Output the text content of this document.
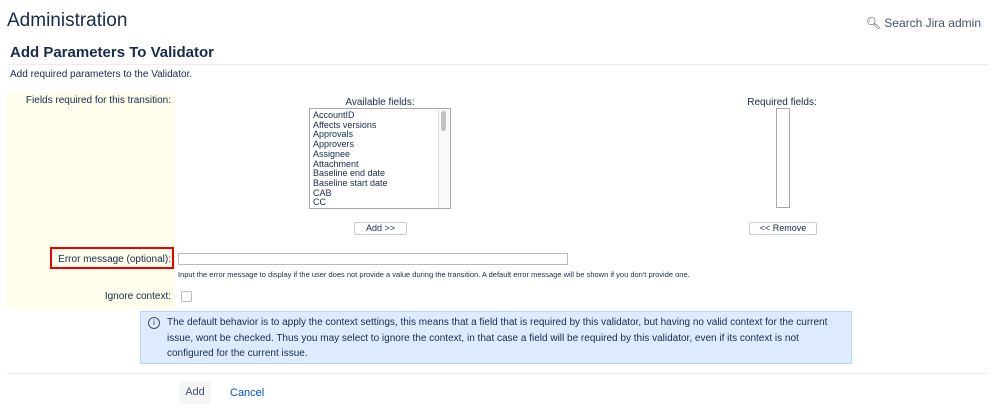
Administration	🔍︎ Search Jira admin
Add Parameters To Validator
Add required parameters to the Validator.
Fields required for this transition:	Available fields:
AccountID
Affects versions
Approvals
Approvers
Assignee
Attachment
Baseline end date
Baseline start date
CAB
CC
Required fields:
Add >>	<< Remove
Error message (optional):
Input the error message to display if the user does not provide a value during the transition. A default error message will be shown if you don't provide one.
Ignore context:
i	The default behavior is to apply the context settings, this means that a field that is required by this validator, but having no valid context for the current issue, wont be checked. Thus you may select to ignore the context, in that case a field will be required by this validator, even if its context is not configured for the current issue.
Add	Cancel
